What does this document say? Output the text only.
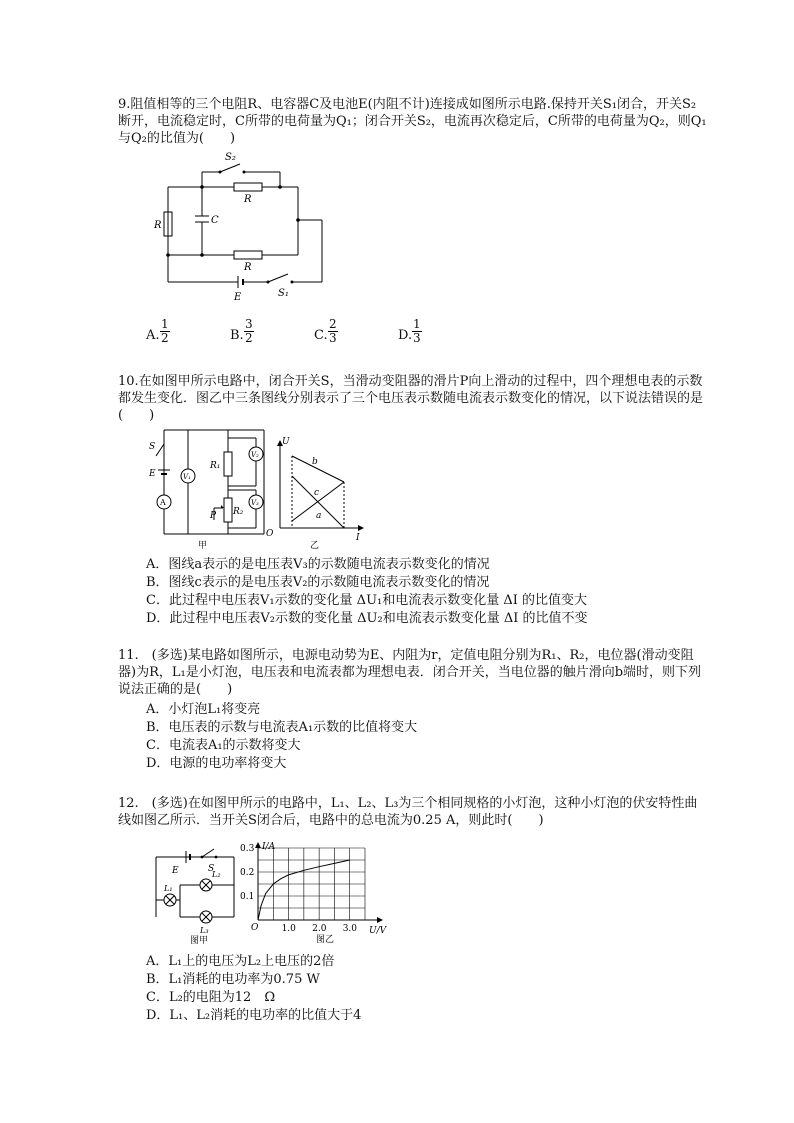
9.阻值相等的三个电阻R、电容器C及电池E(内阻不计)连接成如图所示电路.保持开关S₁闭合，开关S₂断开，电流稳定时，C所带的电荷量为Q₁；闭合开关S₂，电流再次稳定后，C所带的电荷量为Q₂，则Q₁与Q₂的比值为(　　)

S₂
R
R	C
R
E	S₁
A. $\frac{1}{2}$	B. $\frac{3}{2}$	C. $\frac{2}{3}$	D. $\frac{1}{3}$

10.在如图甲所示电路中，闭合开关S，当滑动变阻器的滑片P向上滑动的过程中，四个理想电表的示数都发生变化．图乙中三条图线分别表示了三个电压表示数随电流表示数变化的情况，以下说法错误的是(　　)

S
E
A
V₁
R₁
V₂
V₃
P R₂
甲
U
O	I
b
c
a
乙
A．图线a表示的是电压表V₃的示数随电流表示数变化的情况
B．图线c表示的是电压表V₂的示数随电流表示数变化的情况
C．此过程中电压表V₁示数的变化量 ΔU₁和电流表示数变化量 ΔI 的比值变大
D．此过程中电压表V₂示数的变化量 ΔU₂和电流表示数变化量 ΔI 的比值不变

11.　(多选)某电路如图所示，电源电动势为E、内阻为r，定值电阻分别为R₁、R₂，电位器(滑动变阻器)为R，L₁是小灯泡，电压表和电流表都为理想电表．闭合开关，当电位器的触片滑向b端时，则下列说法正确的是(　　)

A．小灯泡L₁将变亮
B．电压表的示数与电流表A₁示数的比值将变大
C．电流表A₁的示数将变大
D．电源的电功率将变大

12.　(多选)在如图甲所示的电路中，L₁、L₂、L₃为三个相同规格的小灯泡，这种小灯泡的伏安特性曲线如图乙所示．当开关S闭合后，电路中的总电流为0.25 A，则此时(　　)

E	S
L₁
L₂
L₃
图甲
1.0 2.0 3.0
0.1
0.2
0.3 I/A
U/V
O
图乙
A．L₁上的电压为L₂上电压的2倍
B．L₁消耗的电功率为0.75 W
C．L₂的电阻为12　Ω
D．L₁、L₂消耗的电功率的比值大于4
